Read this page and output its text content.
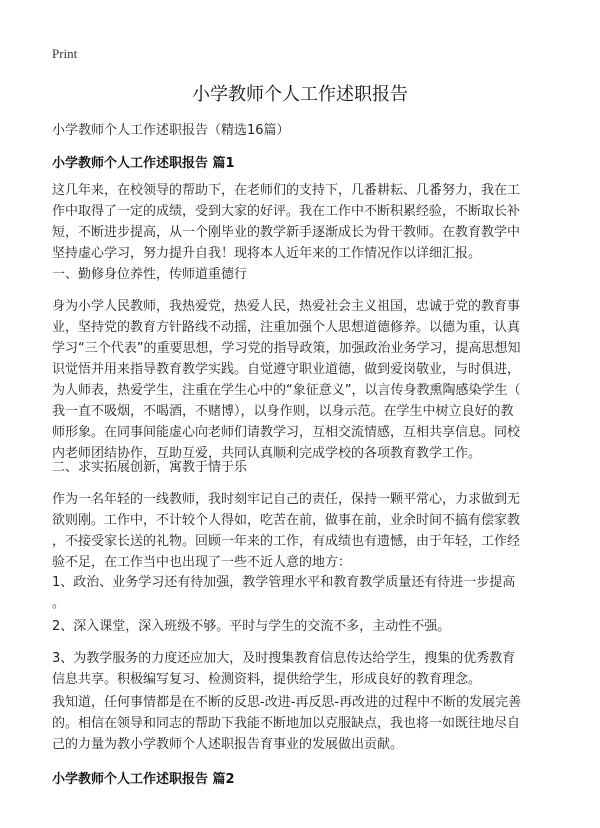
Print
小学教师个人工作述职报告
小学教师个人工作述职报告（精选16篇）
小学教师个人工作述职报告 篇1
这几年来，在校领导的帮助下，在老师们的支持下，几番耕耘、几番努力，我在工
作中取得了一定的成绩，受到大家的好评。我在工作中不断积累经验，不断取长补
短，不断进步提高，从一个刚毕业的教学新手逐渐成长为骨干教师。在教育教学中
坚持虚心学习，努力提升自我！现将本人近年来的工作情况作以详细汇报。
一、勤修身位养性，传师道重德行
身为小学人民教师，我热爱党，热爱人民，热爱社会主义祖国，忠诚于党的教育事
业，坚持党的教育方针路线不动摇，注重加强个人思想道德修养。以德为重，认真
学习“三个代表”的重要思想，学习党的指导政策，加强政治业务学习，提高思想知
识觉悟并用来指导教育教学实践。自觉遵守职业道德，做到爱岗敬业，与时俱进，
为人师表，热爱学生，注重在学生心中的“象征意义”，以言传身教熏陶感染学生（
我一直不吸烟，不喝酒，不赌博），以身作则，以身示范。在学生中树立良好的教
师形象。在同事间能虚心向老师们请教学习，互相交流情感，互相共享信息。同校
内老师团结协作，互助互爱，共同认真顺利完成学校的各项教育教学工作。
二、求实拓展创新，寓教于情于乐
作为一名年轻的一线教师，我时刻牢记自己的责任，保持一颗平常心，力求做到无
欲则刚。工作中，不计较个人得如，吃苦在前，做事在前，业余时间不搞有偿家教
，不接受家长送的礼物。回顾一年来的工作，有成绩也有遗憾，由于年轻，工作经
验不足，在工作当中也出现了一些不近人意的地方：
1、政治、业务学习还有待加强，教学管理水平和教育教学质量还有待进一步提高
。
2、深入课堂，深入班级不够。平时与学生的交流不多，主动性不强。
3、为教学服务的力度还应加大，及时搜集教育信息传达给学生，搜集的优秀教育
信息共享。积极编写复习、检测资料，提供给学生，形成良好的教育理念。
我知道，任何事情都是在不断的反思-改进-再反思-再改进的过程中不断的发展完善
的。相信在领导和同志的帮助下我能不断地加以克服缺点，我也将一如既往地尽自
己的力量为教小学教师个人述职报告育事业的发展做出贡献。
小学教师个人工作述职报告 篇2
